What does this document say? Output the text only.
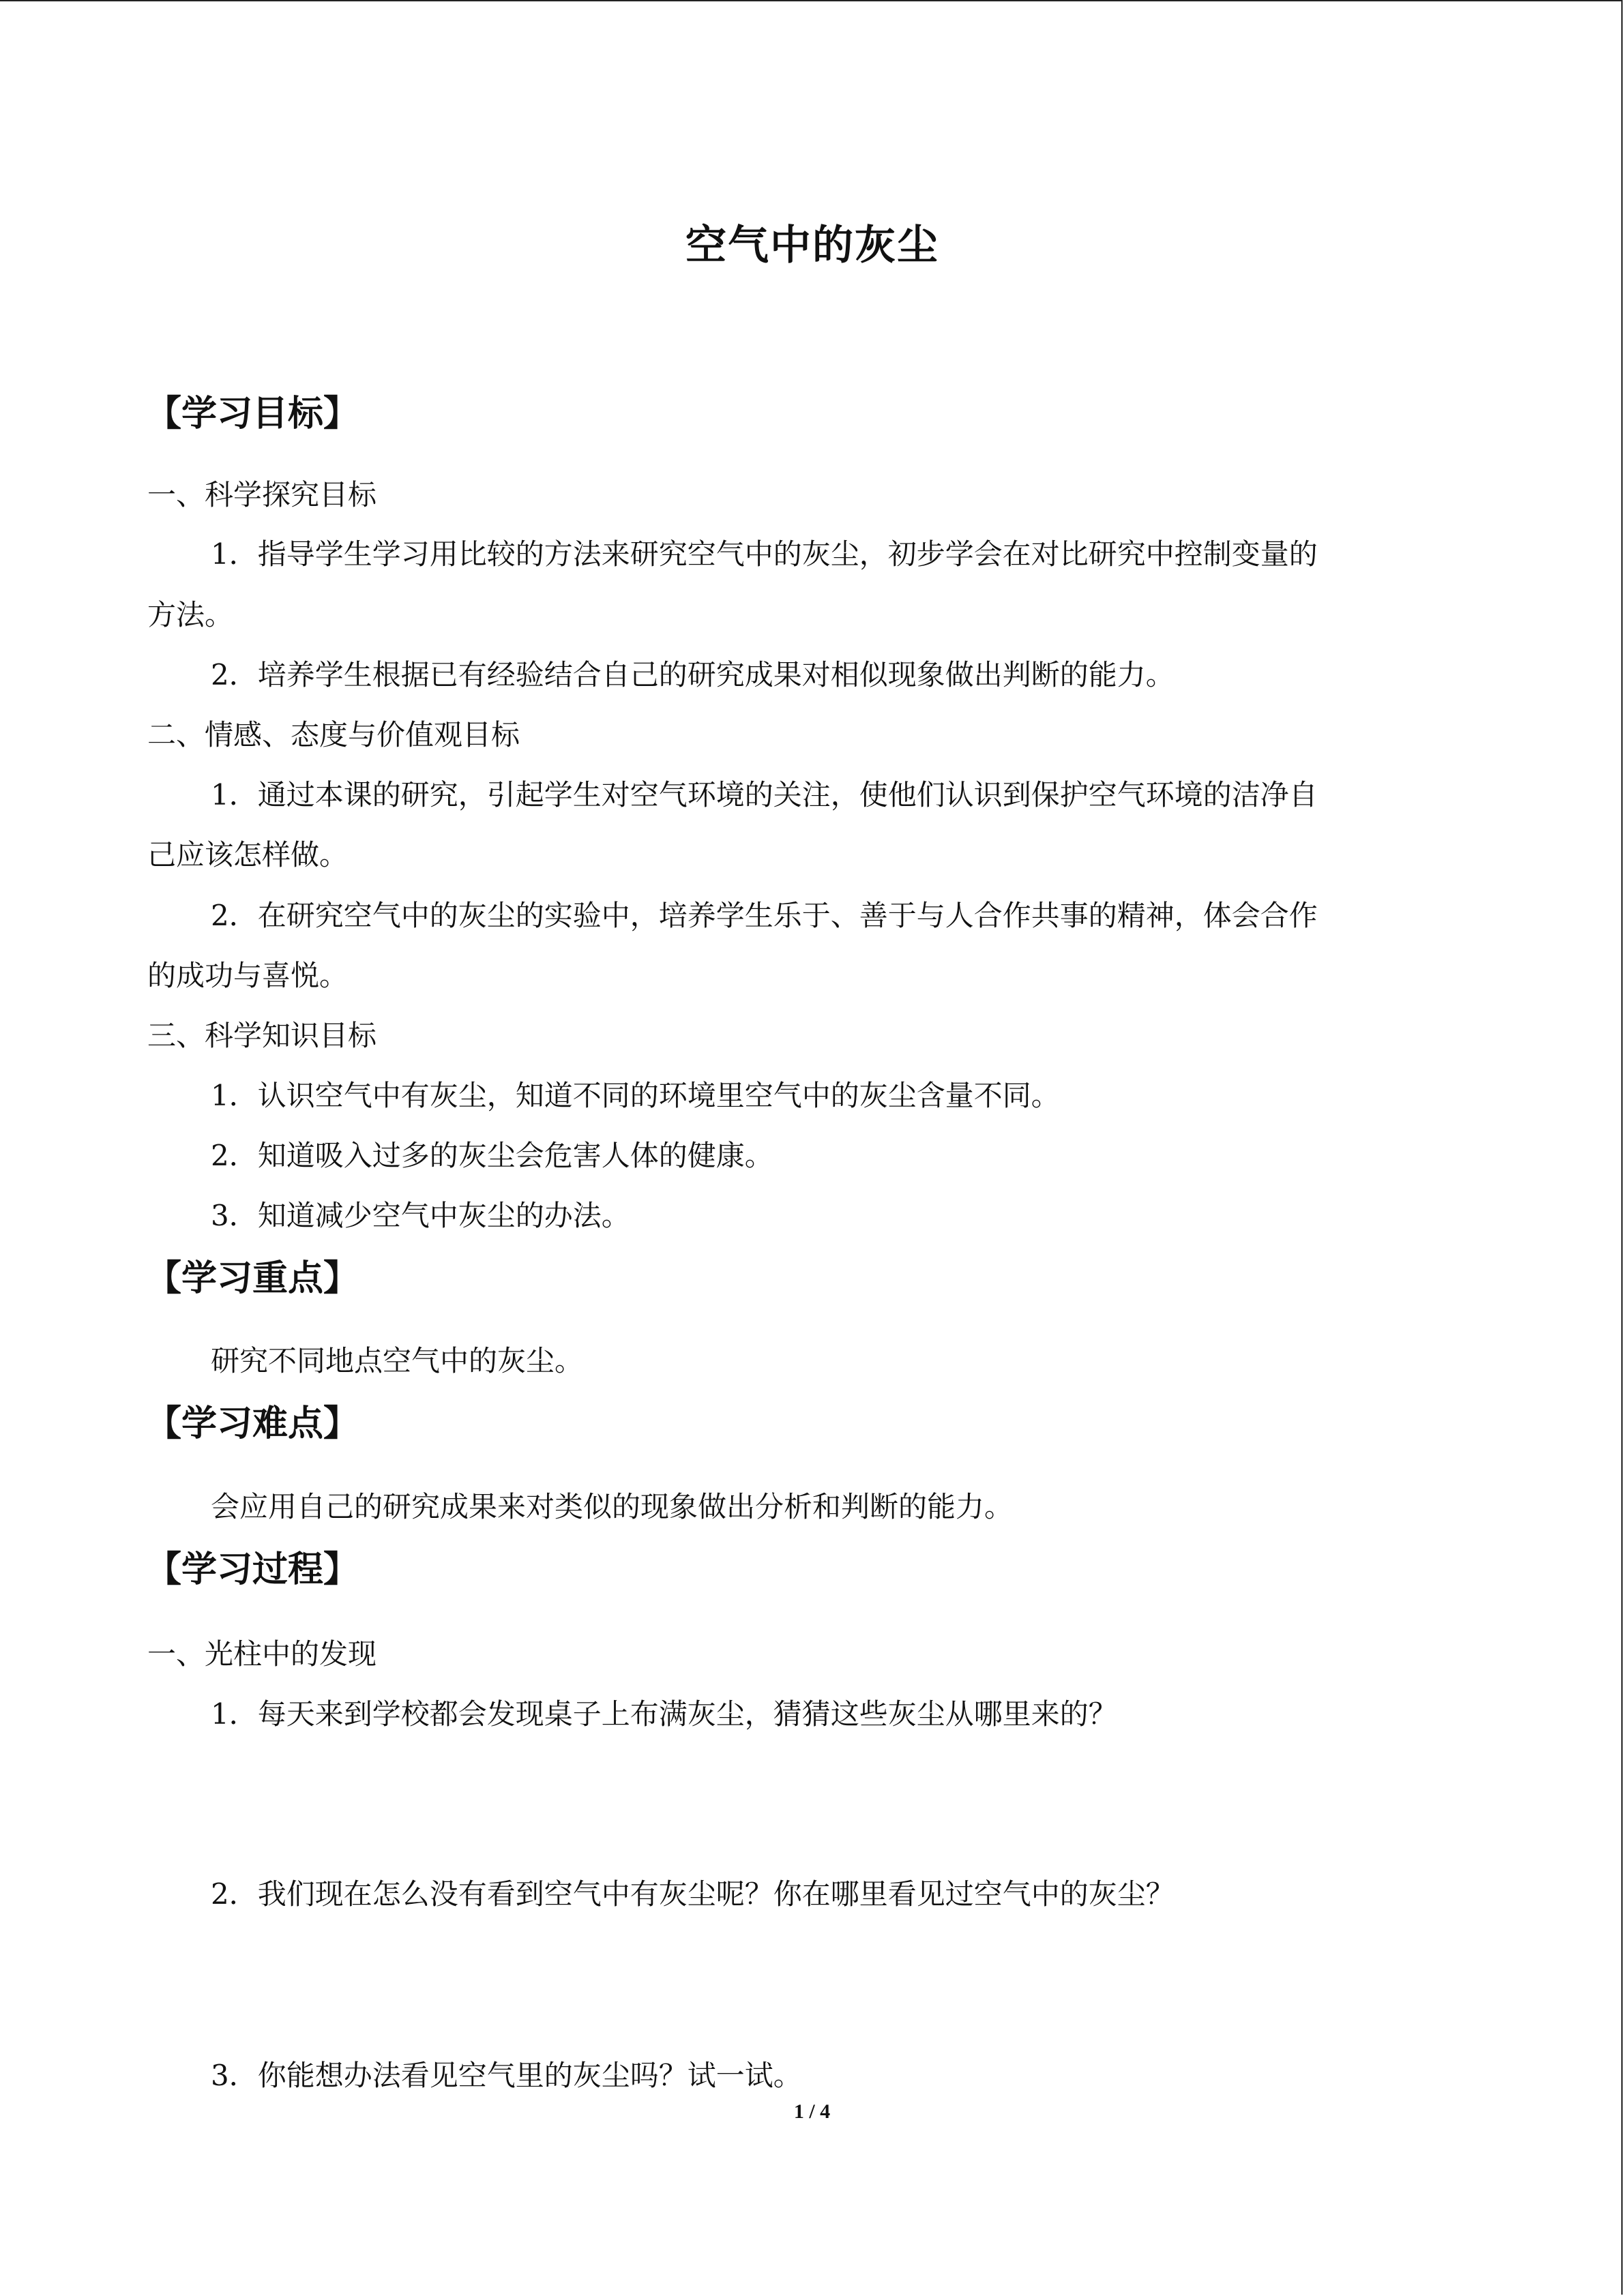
空气中的灰尘
【学习目标】
一、科学探究目标
1．指导学生学习用比较的方法来研究空气中的灰尘，初步学会在对比研究中控制变量的
方法。
2．培养学生根据已有经验结合自己的研究成果对相似现象做出判断的能力。
二、情感、态度与价值观目标
1．通过本课的研究，引起学生对空气环境的关注，使他们认识到保护空气环境的洁净自
己应该怎样做。
2．在研究空气中的灰尘的实验中，培养学生乐于、善于与人合作共事的精神，体会合作
的成功与喜悦。
三、科学知识目标
1．认识空气中有灰尘，知道不同的环境里空气中的灰尘含量不同。
2．知道吸入过多的灰尘会危害人体的健康。
3．知道减少空气中灰尘的办法。
【学习重点】
研究不同地点空气中的灰尘。
【学习难点】
会应用自己的研究成果来对类似的现象做出分析和判断的能力。
【学习过程】
一、光柱中的发现
1．每天来到学校都会发现桌子上布满灰尘，猜猜这些灰尘从哪里来的？
2．我们现在怎么没有看到空气中有灰尘呢？你在哪里看见过空气中的灰尘？
3．你能想办法看见空气里的灰尘吗？试一试。
1 / 4
